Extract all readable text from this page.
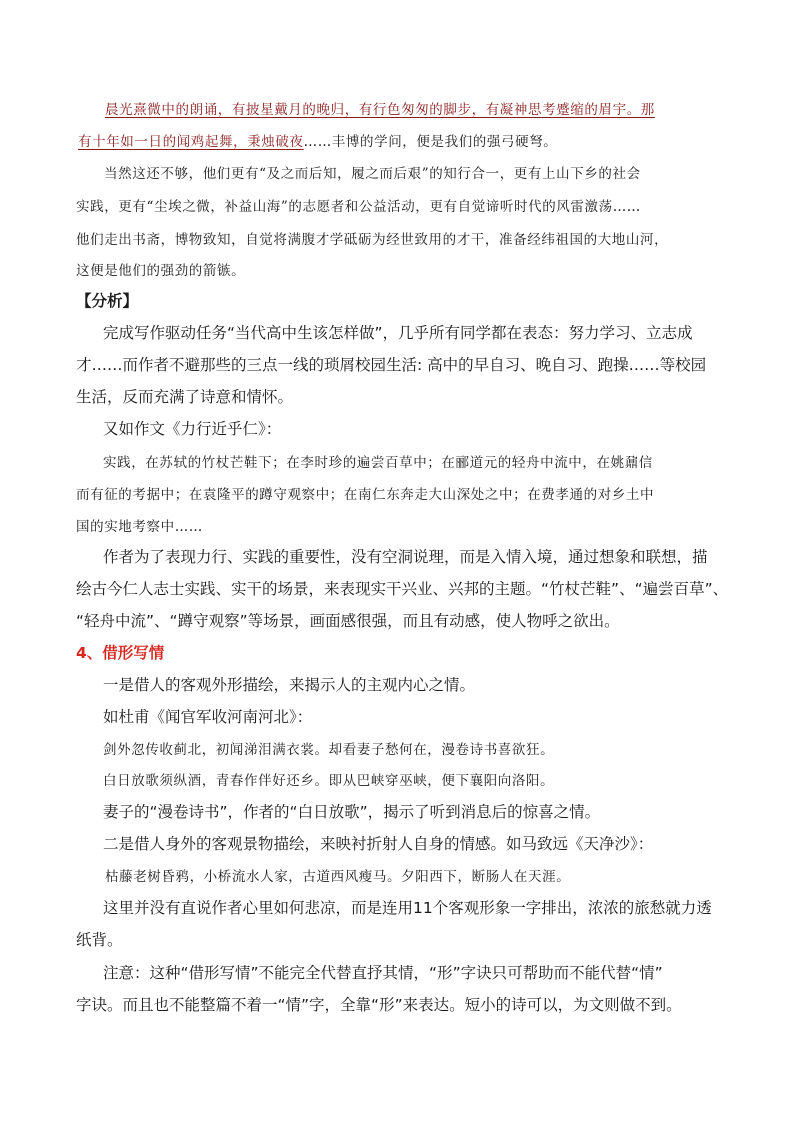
晨光熹微中的朗诵，有披星戴月的晚归，有行色匆匆的脚步，有凝神思考蹙缩的眉宇。那
有十年如一日的闻鸡起舞，秉烛破夜……丰博的学问，便是我们的强弓硬弩。
当然这还不够，他们更有“及之而后知，履之而后艰”的知行合一，更有上山下乡的社会
实践，更有“尘埃之微，补益山海”的志愿者和公益活动，更有自觉谛听时代的风雷激荡……
他们走出书斋，博物致知，自觉将满腹才学砥砺为经世致用的才干，准备经纬祖国的大地山河，
这便是他们的强劲的箭镞。
【分析】
完成写作驱动任务“当代高中生该怎样做”，几乎所有同学都在表态：努力学习、立志成
才……而作者不避那些的三点一线的琐屑校园生活: 高中的早自习、晚自习、跑操……等校园
生活，反而充满了诗意和情怀。
又如作文《力行近乎仁》：
实践，在苏轼的竹杖芒鞋下；在李时珍的遍尝百草中；在郦道元的轻舟中流中，在姚鼐信
而有征的考据中；在袁隆平的蹲守观察中；在南仁东奔走大山深处之中；在费孝通的对乡土中
国的实地考察中……
作者为了表现力行、实践的重要性，没有空洞说理，而是入情入境，通过想象和联想，描
绘古今仁人志士实践、实干的场景，来表现实干兴业、兴邦的主题。“竹杖芒鞋”、“遍尝百草”、
“轻舟中流”、“蹲守观察”等场景，画面感很强，而且有动感，使人物呼之欲出。
4、借形写情
一是借人的客观外形描绘，来揭示人的主观内心之情。
如杜甫《闻官军收河南河北》：
剑外忽传收蓟北，初闻涕泪满衣裳。却看妻子愁何在，漫卷诗书喜欲狂。
白日放歌须纵酒，青春作伴好还乡。即从巴峡穿巫峡，便下襄阳向洛阳。
妻子的“漫卷诗书”，作者的“白日放歌”，揭示了听到消息后的惊喜之情。
二是借人身外的客观景物描绘，来映衬折射人自身的情感。如马致远《天净沙》：
枯藤老树昏鸦，小桥流水人家，古道西风瘦马。夕阳西下，断肠人在天涯。
这里并没有直说作者心里如何悲凉，而是连用11个客观形象一字排出，浓浓的旅愁就力透
纸背。
注意：这种“借形写情”不能完全代替直抒其情，“形”字诀只可帮助而不能代替“情”
字诀。而且也不能整篇不着一“情”字，全靠“形”来表达。短小的诗可以，为文则做不到。
